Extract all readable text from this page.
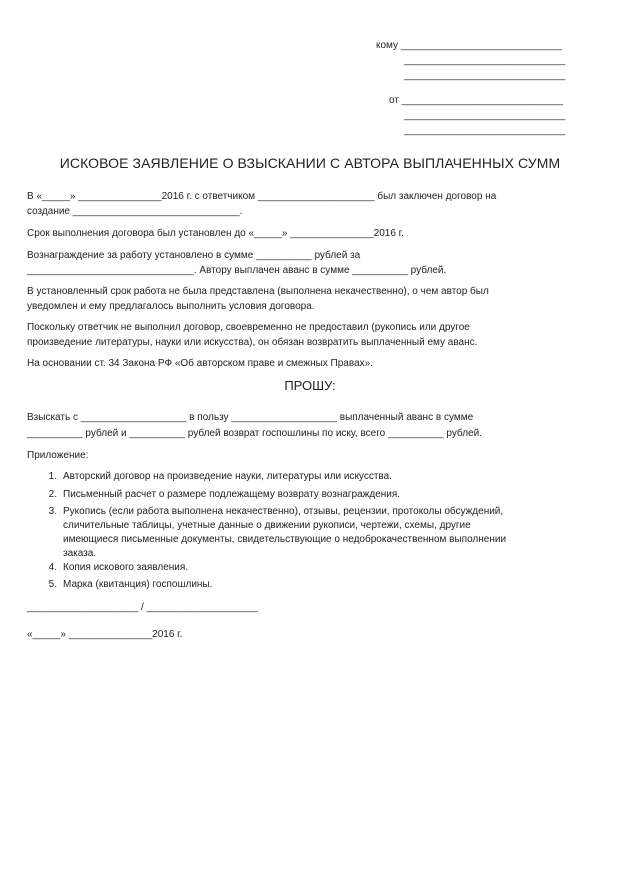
кому _____________________________
_____________________________
_____________________________
от _____________________________
_____________________________
_____________________________
ИСКОВОЕ ЗАЯВЛЕНИЕ О ВЗЫСКАНИИ С АВТОРА ВЫПЛАЧЕННЫХ СУММ
В «_____» _______________2016 г. с ответчиком _____________________ был заключен договор на
создание ______________________________.
Срок выполнения договора был установлен до «_____» _______________2016 г.
Вознаграждение за работу установлено в сумме __________ рублей за
______________________________. Автору выплачен аванс в сумме __________ рублей.
В установленный срок работа не была представлена (выполнена некачественно), о чем автор был
уведомлен и ему предлагалось выполнить условия договора.
Поскольку ответчик не выполнил договор, своевременно не предоставил (рукопись или другое
произведение литературы, науки или искусства), он обязан возвратить выплаченный ему аванс.
На основании ст. 34 Закона РФ «Об авторском праве и смежных Правах».
ПРОШУ:
Взыскать с ___________________ в пользу ___________________ выплаченный аванс в сумме
__________ рублей и __________ рублей возврат госпошлины по иску, всего __________ рублей.
Приложение:
1. Авторский договор на произведение науки, литературы или искусства.
2. Письменный расчет о размере подлежащему возврату вознаграждения.
3. Рукопись (если работа выполнена некачественно), отзывы, рецензии, протоколы обсуждений,
сличительные таблицы, учетные данные о движении рукописи, чертежи, схемы, другие
имеющиеся письменные документы, свидетельствующие о недоброкачественном выполнении
заказа.
4. Копия искового заявления.
5. Марка (квитанция) госпошлины.
____________________ / ____________________
«_____» _______________2016 г.
